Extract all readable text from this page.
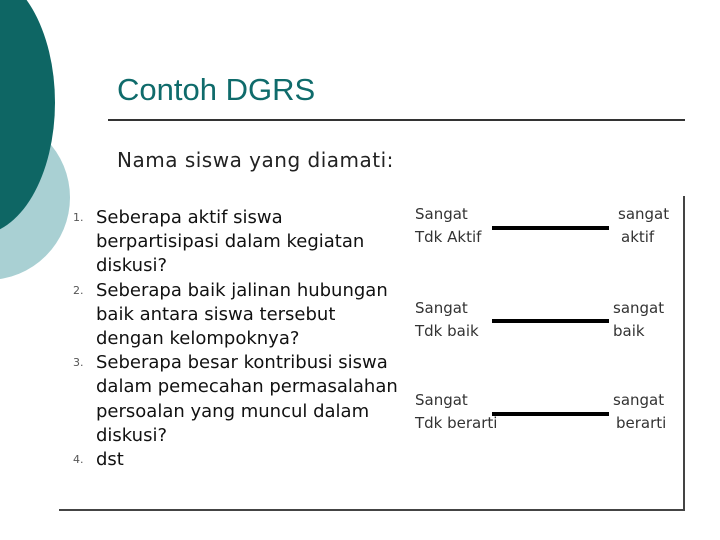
Contoh DGRS
Nama siswa yang diamati:
1. Seberapa aktif siswa berpartisipasi dalam kegiatan diskusi?
2. Seberapa baik jalinan hubungan baik antara siswa tersebut dengan kelompoknya?
3. Seberapa besar kontribusi siswa dalam pemecahan permasalahan persoalan yang muncul dalam diskusi?
4. dst
Sangat
Tdk Aktif
sangat
aktif
Sangat
Tdk baik
sangat
baik
Sangat
Tdk berarti
sangat
berarti
